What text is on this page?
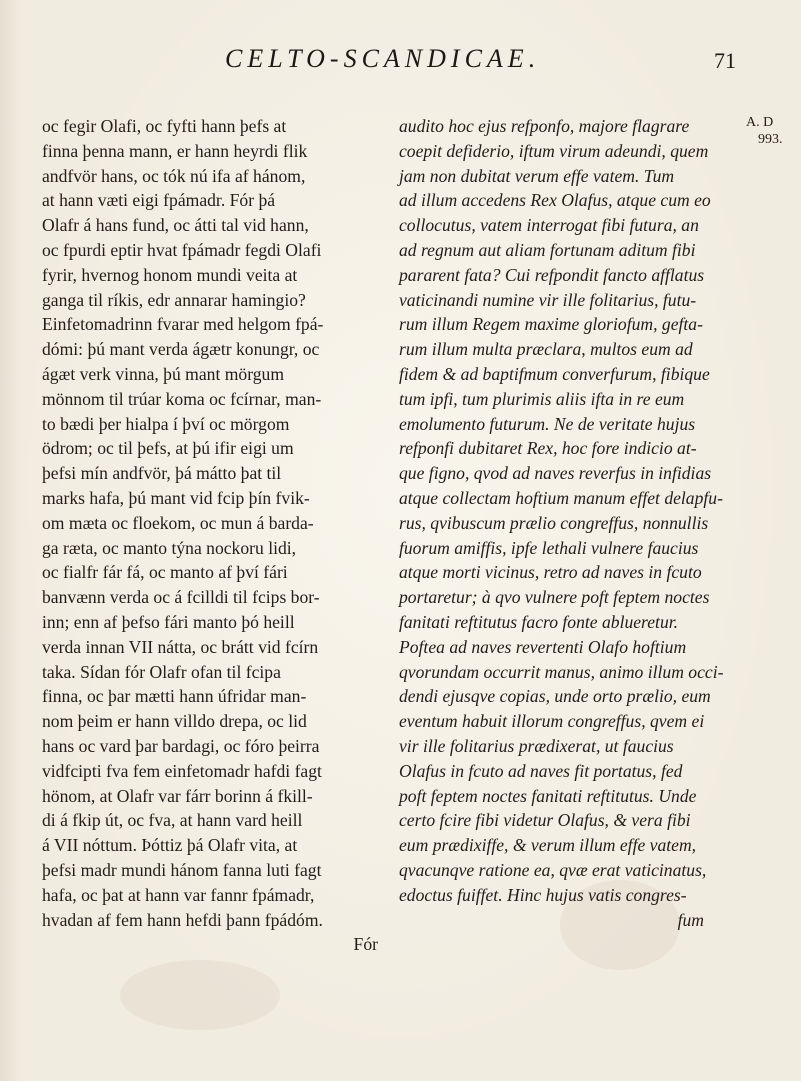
CELTO-SCANDICAE.	71
oc fegir Olafi, oc fyfti hann þefs at
finna þenna mann, er hann heyrdi flik
andfvör hans, oc tók nú ifa af hánom,
at hann væti eigi fpámadr. Fór þá
Olafr á hans fund, oc átti tal vid hann,
oc fpurdi eptir hvat fpámadr fegdi Olafi
fyrir, hvernog honom mundi veita at
ganga til ríkis, edr annarar hamingio?
Einfetomadrinn fvarar med helgom fpá-
dómi: þú mant verda ágætr konungr, oc
ágæt verk vinna, þú mant mörgum
mönnom til trúar koma oc fcírnar, man-
to bædi þer hialpa í því oc mörgom
ödrom; oc til þefs, at þú ifir eigi um
þefsi mín andfvör, þá mátto þat til
marks hafa, þú mant vid fcip þín fvik-
om mæta oc floekom, oc mun á barda-
ga ræta, oc manto týna nockoru lidi,
oc fialfr fár fá, oc manto af því fári
banvænn verda oc á fcilldi til fcips bor-
inn; enn af þefso fári manto þó heill
verda innan VII nátta, oc brátt vid fcírn
taka. Sídan fór Olafr ofan til fcipa
finna, oc þar mætti hann úfridar man-
nom þeim er hann villdo drepa, oc lid
hans oc vard þar bardagi, oc fóro þeirra
vidfcipti fva fem einfetomadr hafdi fagt
hönom, at Olafr var fárr borinn á fkill-
di á fkip út, oc fva, at hann vard heill
á VII nóttum. Þóttiz þá Olafr vita, at
þefsi madr mundi hánom fanna luti fagt
hafa, oc þat at hann var fannr fpámadr,
hvadan af fem hann hefdi þann fpádóm.
Fór
audito hoc ejus refponfo, majore flagrare
coepit defiderio, iftum virum adeundi, quem
jam non dubitat verum effe vatem. Tum
ad illum accedens Rex Olafus, atque cum eo
collocutus, vatem interrogat fibi futura, an
ad regnum aut aliam fortunam aditum fibi
pararent fata? Cui refpondit fancto afflatus
vaticinandi numine vir ille folitarius, futu-
rum illum Regem maxime gloriofum, gefta-
rum illum multa præclara, multos eum ad
fidem & ad baptifmum converfurum, fibique
tum ipfi, tum plurimis aliis ifta in re eum
emolumento futurum. Ne de veritate hujus
refponfi dubitaret Rex, hoc fore indicio at-
que figno, qvod ad naves reverfus in infidias
atque collectam hoftium manum effet delapfu-
rus, qvibuscum prælio congreffus, nonnullis
fuorum amiffis, ipfe lethali vulnere faucius
atque morti vicinus, retro ad naves in fcuto
portaretur; à qvo vulnere poft feptem noctes
fanitati reftitutus facro fonte ablueretur.
Poftea ad naves revertenti Olafo hoftium
qvorundam occurrit manus, animo illum occi-
dendi ejusqve copias, unde orto prælio, eum
eventum habuit illorum congreffus, qvem ei
vir ille folitarius prædixerat, ut faucius
Olafus in fcuto ad naves fit portatus, fed
poft feptem noctes fanitati reftitutus. Unde
certo fcire fibi videtur Olafus, & vera fibi
eum prædixiffe, & verum illum effe vatem,
qvacunqve ratione ea, qvæ erat vaticinatus,
edoctus fuiffet. Hinc hujus vatis congres-
fum
A. D
993.
